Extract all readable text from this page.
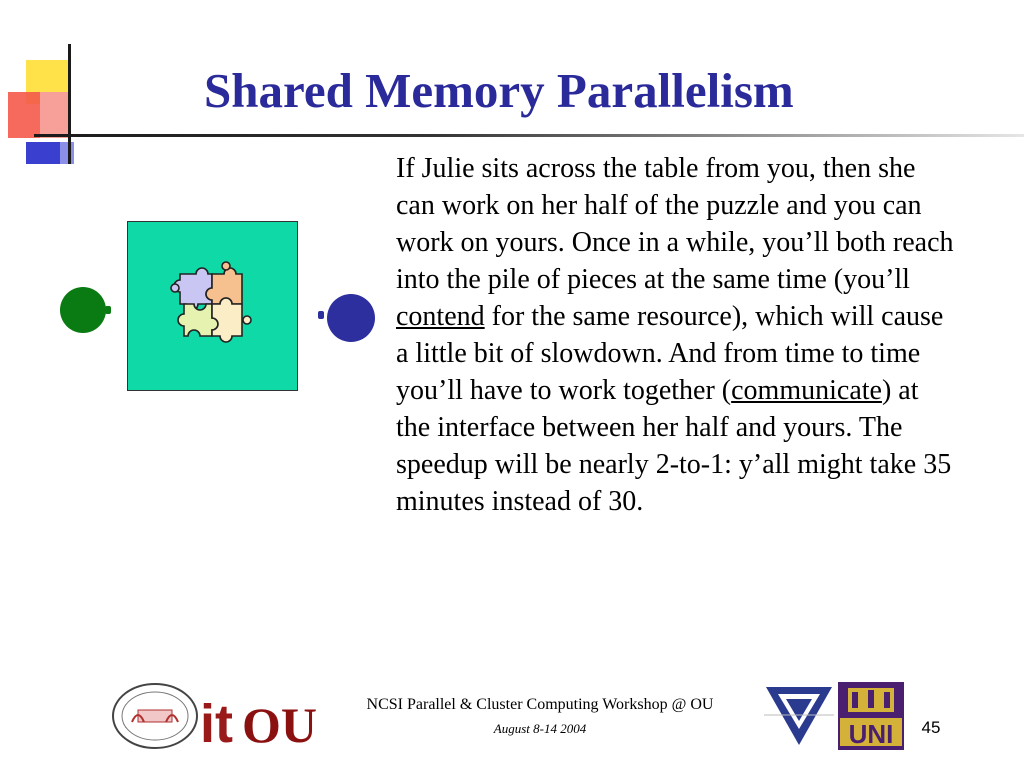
Shared Memory Parallelism
If Julie sits across the table from you, then she can work on her half of the puzzle and you can work on yours. Once in a while, you’ll both reach into the pile of pieces at the same time (you’ll contend for the same resource), which will cause a little bit of slowdown. And from time to time you’ll have to work together (communicate) at the interface between her half and yours. The speedup will be nearly 2-to-1: y’all might take 35 minutes instead of 30.
it OU	NCSI Parallel & Cluster Computing Workshop @ OU
August 8-14 2004	UNI	45
